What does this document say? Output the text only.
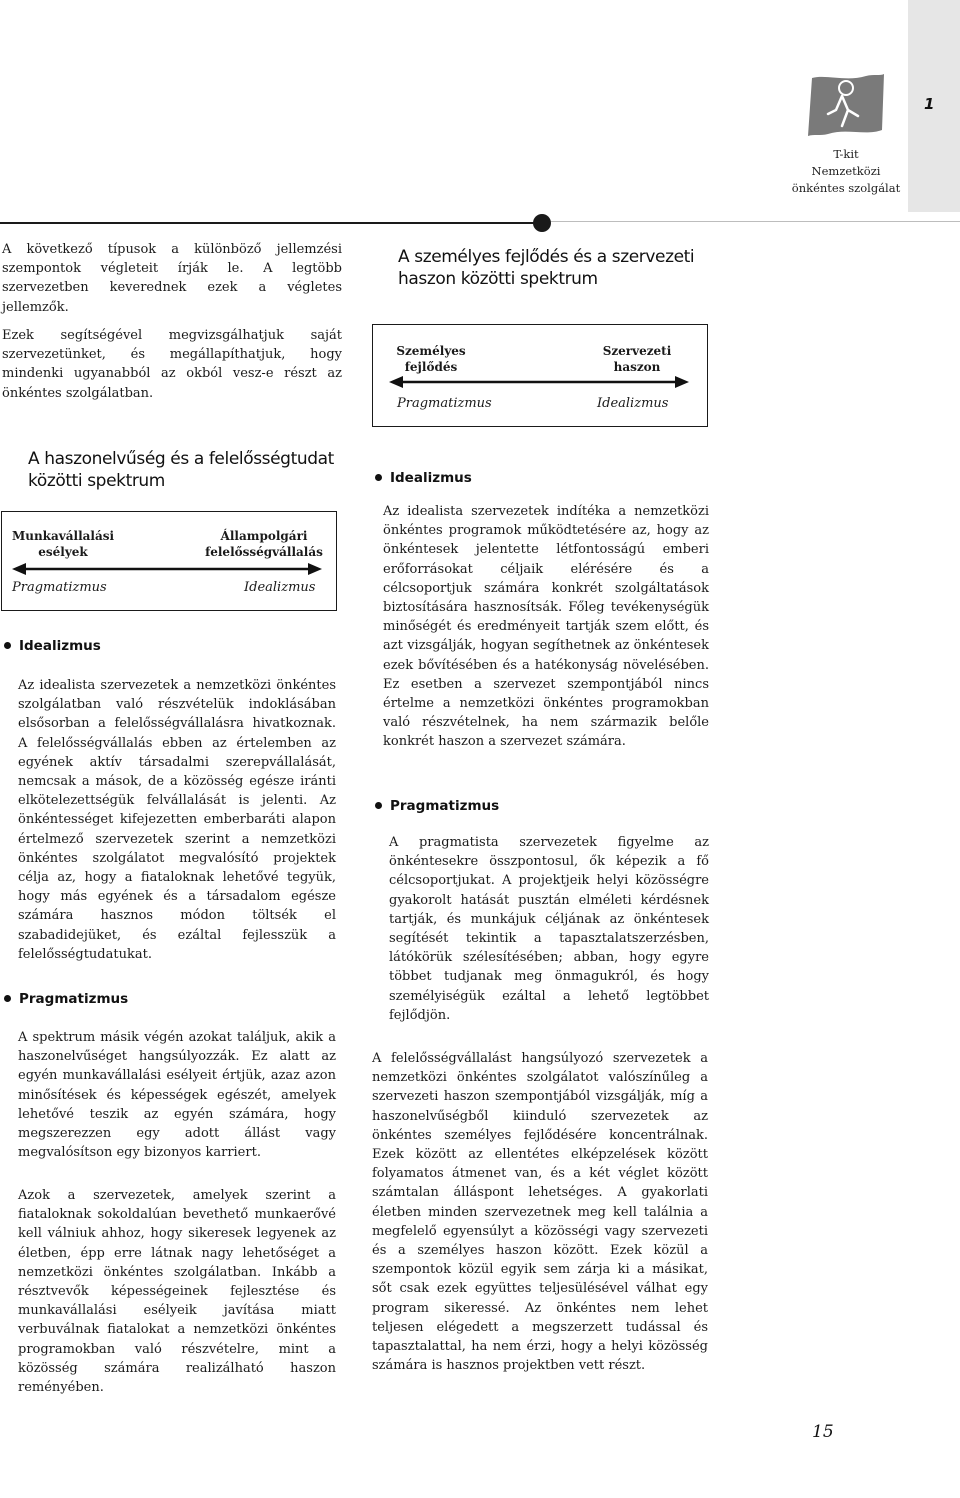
1
T-kit
Nemzetközi
önkéntes szolgálat
A következő típusok a különböző jellemzési szempontok végleteit írják le. A legtöbb szervezetben keverednek ezek a végletes jellemzők.
Ezek segítségével megvizsgálhatjuk saját szervezetünket, és megállapíthatjuk, hogy mindenki ugyanabból az okból vesz-e részt az önkéntes szolgálatban.
A személyes fejlődés és a szervezeti
haszon közötti spektrum
Személyes
fejlődés
Szervezeti
haszon
Pragmatizmus	Idealizmus
A haszonelvűség és a felelősségtudat
közötti spektrum
Munkavállalási
esélyek
Állampolgári
felelősségvállalás
Pragmatizmus	Idealizmus
Idealizmus
Az idealista szervezetek a nemzetközi önkéntes szolgálatban való részvételük indoklásában elsősorban a felelősségvállalásra hivatkoznak. A felelősségvállalás ebben az értelemben az egyének aktív társadalmi szerepvállalását, nemcsak a mások, de a közösség egésze iránti elkötelezettségük felvállalását is jelenti. Az önkéntességet kifejezetten emberbaráti alapon értelmező szervezetek szerint a nemzetközi önkéntes szolgálatot megvalósító projektek célja az, hogy a fiataloknak lehetővé tegyük, hogy más egyének és a társadalom egésze számára hasznos módon töltsék el szabadidejüket, és ezáltal fejlesszük a felelősségtudatukat.
Pragmatizmus
A spektrum másik végén azokat találjuk, akik a haszonelvűséget hangsúlyozzák. Ez alatt az egyén munkavállalási esélyeit értjük, azaz azon minősítések és képességek egészét, amelyek lehetővé teszik az egyén számára, hogy megszerezzen egy adott állást vagy megvalósítson egy bizonyos karriert.
Azok a szervezetek, amelyek szerint a fiataloknak sokoldalúan bevethető munkaerővé kell válniuk ahhoz, hogy sikeresek legyenek az életben, épp erre látnak nagy lehetőséget a nemzetközi önkéntes szolgálatban. Inkább a résztvevők képességeinek fejlesztése és munkavállalási esélyeik javítása miatt verbuválnak fiatalokat a nemzetközi önkéntes programokban való részvételre, mint a közösség számára realizálható haszon reményében.
Idealizmus
Az idealista szervezetek indítéka a nemzetközi önkéntes programok működtetésére az, hogy az önkéntesek jelentette létfontosságú emberi erőforrásokat céljaik elérésére és a célcsoportjuk számára konkrét szolgáltatások biztosítására hasznosítsák. Főleg tevékenységük minőségét és eredményeit tartják szem előtt, és azt vizsgálják, hogyan segíthetnek az önkéntesek ezek bővítésében és a hatékonyság növelésében. Ez esetben a szervezet szempontjából nincs értelme a nemzetközi önkéntes programokban való részvételnek, ha nem származik belőle konkrét haszon a szervezet számára.
Pragmatizmus
A pragmatista szervezetek figyelme az önkéntesekre összpontosul, ők képezik a fő célcsoportjukat. A projektjeik helyi közösségre gyakorolt hatását pusztán elméleti kérdésnek tartják, és munkájuk céljának az önkéntesek segítését tekintik a tapasztalatszerzésben, látókörük szélesítésében; abban, hogy egyre többet tudjanak meg önmagukról, és hogy személyiségük ezáltal a lehető legtöbbet fejlődjön.
A felelősségvállalást hangsúlyozó szervezetek a nemzetközi önkéntes szolgálatot valószínűleg a szervezeti haszon szempontjából vizsgálják, míg a haszonelvűségből kiinduló szervezetek az önkéntes személyes fejlődésére koncentrálnak. Ezek között az ellentétes elképzelések között folyamatos átmenet van, és a két véglet között számtalan álláspont lehetséges. A gyakorlati életben minden szervezetnek meg kell találnia a megfelelő egyensúlyt a közösségi vagy szervezeti és a személyes haszon között. Ezek közül a szempontok közül egyik sem zárja ki a másikat, sőt csak ezek együttes teljesülésével válhat egy program sikeressé. Az önkéntes nem lehet teljesen elégedett a megszerzett tudással és tapasztalattal, ha nem érzi, hogy a helyi közösség számára is hasznos projektben vett részt.
15
